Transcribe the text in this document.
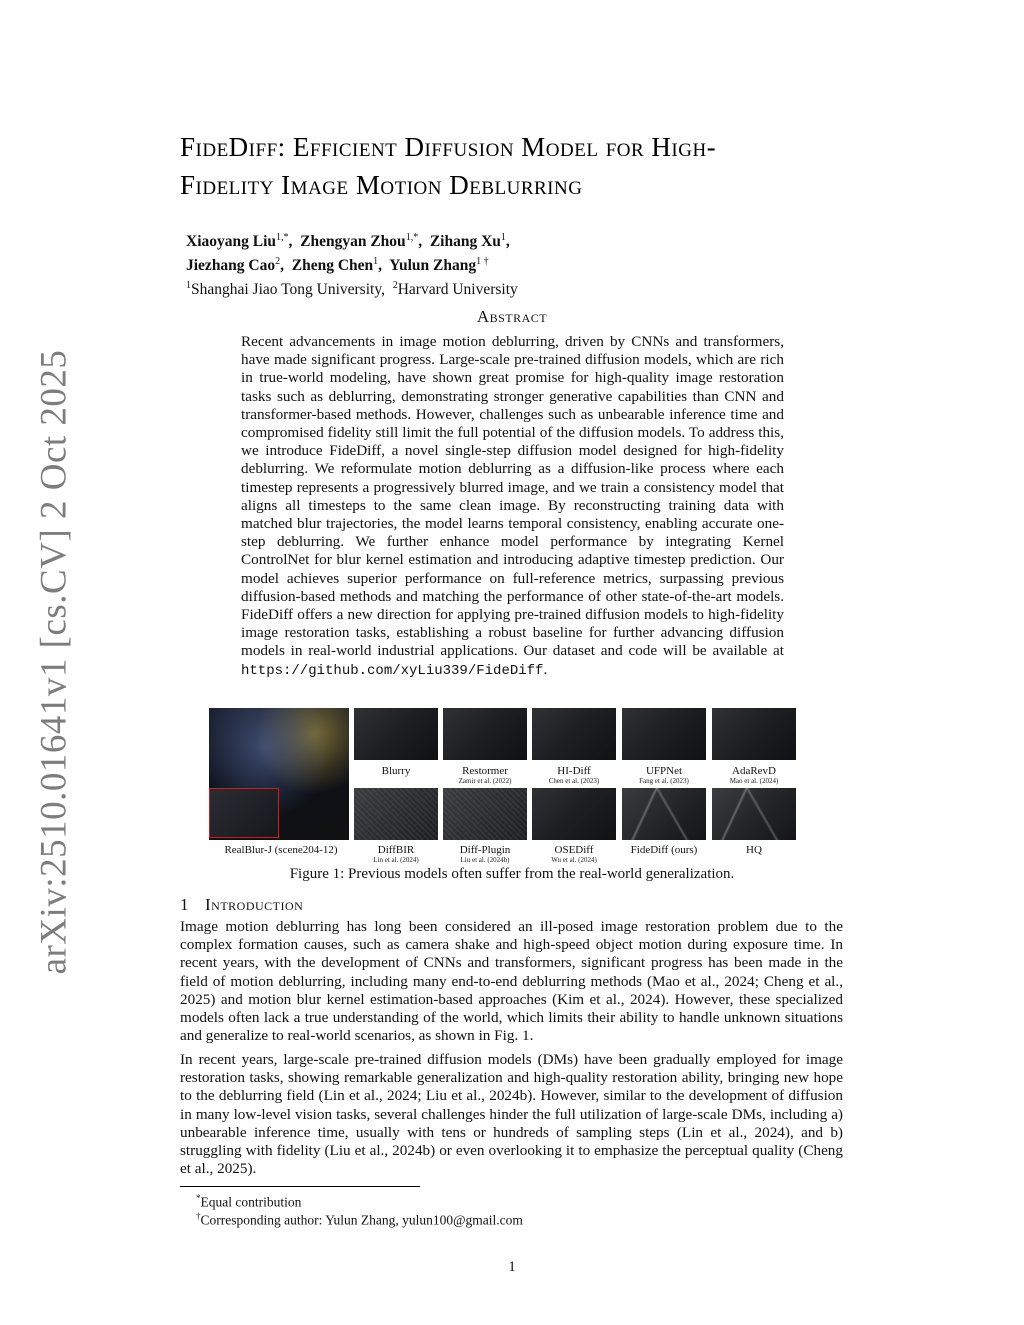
arXiv:2510.01641v1 [cs.CV] 2 Oct 2025
FideDiff: Efficient Diffusion Model for High-
Fidelity Image Motion Deblurring
Xiaoyang Liu$^{1,*}$,  Zhengyan Zhou$^{1,*}$,  Zihang Xu$^1$,
Jiezhang Cao$^2$,  Zheng Chen$^1$,  Yulun Zhang$^{1 \dagger}$
$^1$Shanghai Jiao Tong University, $^2$Harvard University
Abstract
Recent advancements in image motion deblurring, driven by CNNs and transformers, have made significant progress. Large-scale pre-trained diffusion models, which are rich in true-world modeling, have shown great promise for high-quality image restoration tasks such as deblurring, demonstrating stronger generative capabilities than CNN and transformer-based methods. However, challenges such as unbearable inference time and compromised fidelity still limit the full potential of the diffusion models. To address this, we introduce FideDiff, a novel single-step diffusion model designed for high-fidelity deblurring. We reformulate motion deblurring as a diffusion-like process where each timestep represents a progressively blurred image, and we train a consistency model that aligns all timesteps to the same clean image. By reconstructing training data with matched blur trajectories, the model learns temporal consistency, enabling accurate one-step deblurring. We further enhance model performance by integrating Kernel ControlNet for blur kernel estimation and introducing adaptive timestep prediction. Our model achieves superior performance on full-reference metrics, surpassing previous diffusion-based methods and matching the performance of other state-of-the-art models. FideDiff offers a new direction for applying pre-trained diffusion models to high-fidelity image restoration tasks, establishing a robust baseline for further advancing diffusion models in real-world industrial applications. Our dataset and code will be available at https://github.com/xyLiu339/FideDiff.
RealBlur-J (scene204-12)
Blurry	Restormer
Zamir et al. (2022)
HI-Diff
Chen et al. (2023)
UFPNet
Fang et al. (2023)
AdaRevD
Mao et al. (2024)
DiffBIR
Lin et al. (2024)
Diff-Plugin
Liu et al. (2024b)
OSEDiff
Wu et al. (2024)
FideDiff (ours)	HQ
Figure 1: Previous models often suffer from the real-world generalization.
1 Introduction
Image motion deblurring has long been considered an ill-posed image restoration problem due to the complex formation causes, such as camera shake and high-speed object motion during exposure time. In recent years, with the development of CNNs and transformers, significant progress has been made in the field of motion deblurring, including many end-to-end deblurring methods (Mao et al., 2024; Cheng et al., 2025) and motion blur kernel estimation-based approaches (Kim et al., 2024). However, these specialized models often lack a true understanding of the world, which limits their ability to handle unknown situations and generalize to real-world scenarios, as shown in Fig. 1.
In recent years, large-scale pre-trained diffusion models (DMs) have been gradually employed for image restoration tasks, showing remarkable generalization and high-quality restoration ability, bringing new hope to the deblurring field (Lin et al., 2024; Liu et al., 2024b). However, similar to the development of diffusion in many low-level vision tasks, several challenges hinder the full utilization of large-scale DMs, including a) unbearable inference time, usually with tens or hundreds of sampling steps (Lin et al., 2024), and b) struggling with fidelity (Liu et al., 2024b) or even overlooking it to emphasize the perceptual quality (Cheng et al., 2025).
*Equal contribution
†Corresponding author: Yulun Zhang, yulun100@gmail.com
1
